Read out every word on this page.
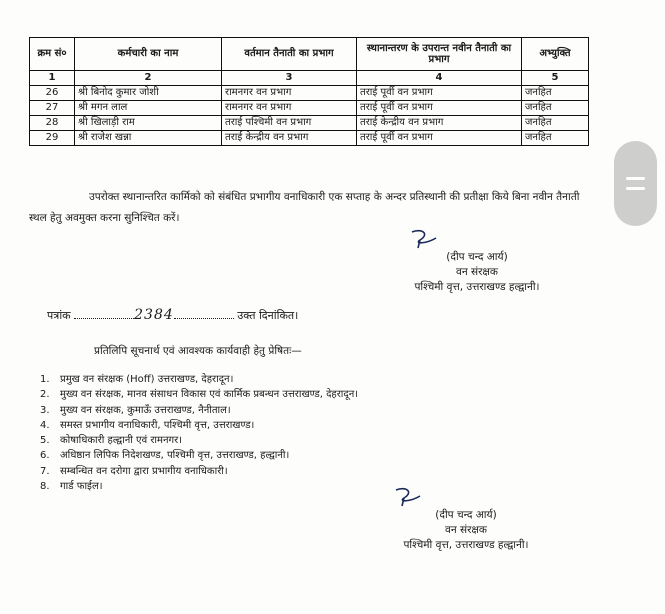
क्रम सं०	कर्मचारी का नाम	वर्तमान तैनाती का प्रभाग	स्थानान्तरण के उपरान्त नवीन तैनाती का प्रभाग	अभ्युक्ति
1	2	3	4	5
26	श्री बिनोद कुमार जोशी	रामनगर वन प्रभाग	तराई पूर्वी वन प्रभाग	जनहित
27	श्री मगन लाल	रामनगर वन प्रभाग	तराई पूर्वी वन प्रभाग	जनहित
28	श्री खिलाड़ी राम	तराई पश्चिमी वन प्रभाग	तराई केन्द्रीय वन प्रभाग	जनहित
29	श्री राजेश खन्ना	तराई केन्द्रीय वन प्रभाग	तराई पूर्वी वन प्रभाग	जनहित
उपरोक्त स्थानान्तरित कार्मिको को संबंधित प्रभागीय वनाधिकारी एक सप्ताह के अन्दर प्रतिस्थानी की प्रतीक्षा किये बिना नवीन तैनाती स्थल हेतु अवमुक्त करना सुनिश्चित करें।
(दीप चन्द आर्य)
वन संरक्षक
पश्चिमी वृत्त, उत्तराखण्ड हल्द्वानी।
पत्रांक	2384	उक्त दिनांकित।
प्रतिलिपि सूचनार्थ एवं आवश्यक कार्यवाही हेतु प्रेषितः—
1. प्रमुख वन संरक्षक (Hoff) उत्तराखण्ड, देहरादून।
2. मुख्य वन संरक्षक, मानव संसाधन विकास एवं कार्मिक प्रबन्धन उत्तराखण्ड, देहरादून।
3. मुख्य वन संरक्षक, कुमाऊँ उत्तराखण्ड, नैनीताल।
4. समस्त प्रभागीय वनाधिकारी, पश्चिमी वृत्त, उत्तराखण्ड।
5. कोषाधिकारी हल्द्वानी एवं रामनगर।
6. अधिष्ठान लिपिक निदेशखण्ड, पश्चिमी वृत्त, उत्तराखण्ड, हल्द्वानी।
7. सम्बन्धित वन दरोगा द्वारा प्रभागीय वनाधिकारी।
8. गार्ड फाईल।
(दीप चन्द आर्य)
वन संरक्षक
पश्चिमी वृत्त, उत्तराखण्ड हल्द्वानी।
